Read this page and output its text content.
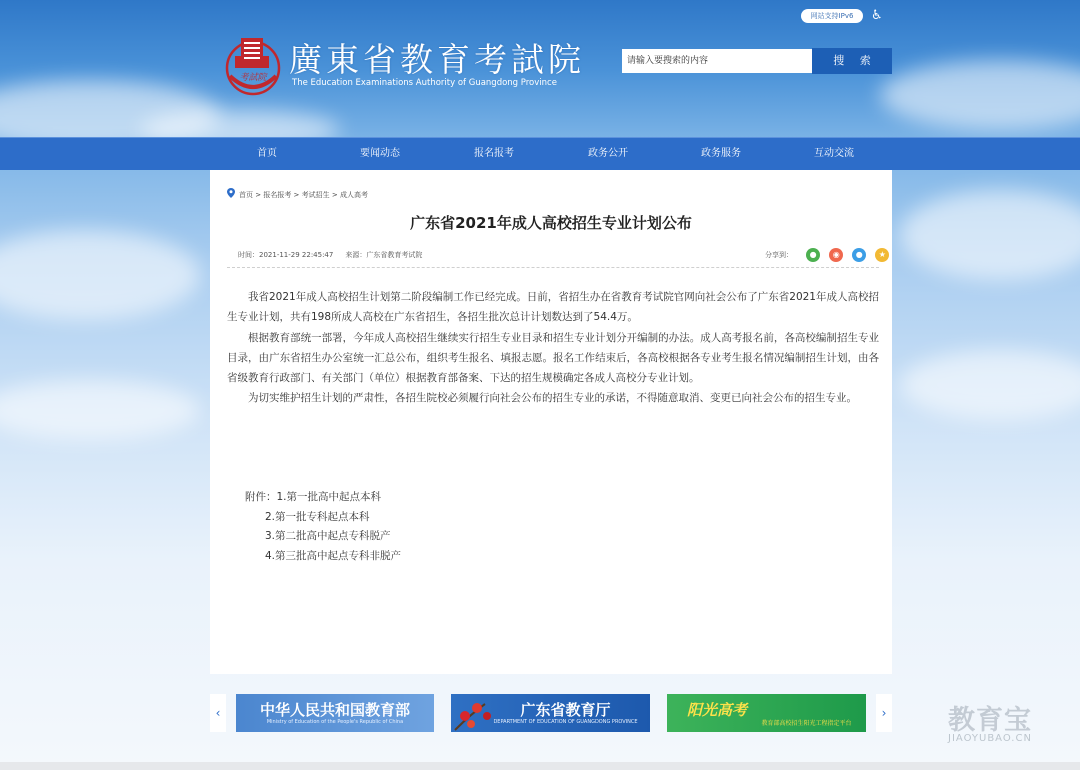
网站支持IPv6	♿
考試院 廣東省教育考試院
The Education Examinations Authority of Guangdong Province
请输入要搜索的内容
搜 索
首页	要闻动态	报名报考	政务公开	政务服务	互动交流
首页 > 报名报考 > 考试招生 > 成人高考
广东省2021年成人高校招生专业计划公布
时间：2021-11-29 22:45:47 来源：广东省教育考试院	分享到： ● ◉ ● ★

我省2021年成人高校招生计划第二阶段编制工作已经完成。日前，省招生办在省教育考试院官网向社会公布了广东省2021年成人高校招生专业计划，共有198所成人高校在广东省招生，各招生批次总计计划数达到了54.4万。

根据教育部统一部署，今年成人高校招生继续实行招生专业目录和招生专业计划分开编制的办法。成人高考报名前，各高校编制招生专业目录，由广东省招生办公室统一汇总公布，组织考生报名、填报志愿。报名工作结束后，各高校根据各专业考生报名情况编制招生计划，由各省级教育行政部门、有关部门（单位）根据教育部备案、下达的招生规模确定各成人高校分专业计划。

为切实维护招生计划的严肃性，各招生院校必须履行向社会公布的招生专业的承诺，不得随意取消、变更已向社会公布的招生专业。

附件：1.第一批高中起点本科
2.第一批专科起点本科
3.第二批高中起点专科脱产
4.第三批高中起点专科非脱产
‹	中华人民共和国教育部
Ministry of Education of the People's Republic of China
广东省教育厅
DEPARTMENT OF EDUCATION OF GUANGDONG PROVINCE
阳光高考
教育部高校招生阳光工程指定平台
› 教育宝
JIAOYUBAO.CN
